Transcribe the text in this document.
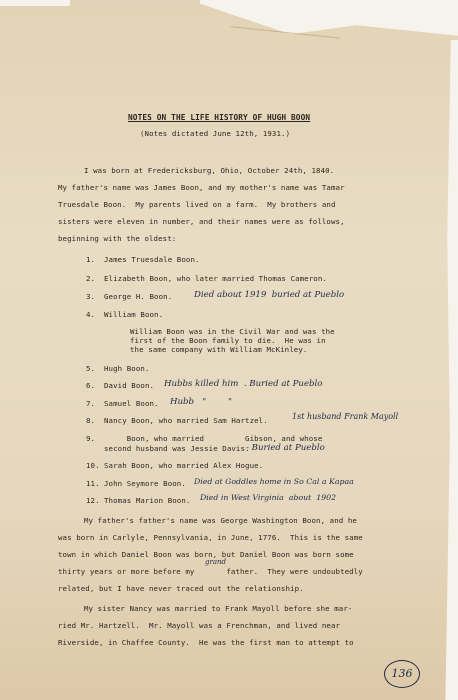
NOTES ON THE LIFE HISTORY OF HUGH BOON
(Notes dictated June 12th, 1931.)
I was born at Fredericksburg, Ohio, October 24th, 1840.
My father's name was James Boon, and my mother's name was Tamar
Truesdale Boon.  My parents lived on a farm.  My brothers and
sisters were eleven in number, and their names were as follows,
beginning with the oldest:
1. James Truesdale Boon.
2. Elizabeth Boon, who later married Thomas Cameron.
3. George H. Boon.	Died about 1919  buried at Pueblo
4. William Boon.
William Boon was in the Civil War and was the
first of the Boon family to die.  He was in
the same company with William McKinley.
5. Hugh Boon.
6. David Boon. Hubbs killed him  . Buried at Pueblo
7. Samuel Boon. Hubb   "        "
8. Nancy Boon, who married Sam Hartzel.	1st husband Frank Mayoll
9. Boon, who married         Gibson, and whose
second husband was Jessie Davis.
- Buried at Pueblo
10. Sarah Boon, who married Alex Hogue.
11. John Seymore Boon. Died at Goddles home in So Cal a Kapaa
12. Thomas Marion Boon. Died in West Virginia  about  1902
My father's father's name was George Washington Boon, and he
was born in Carlyle, Pennsylvania, in June, 1776.  This is the same
town in which Daniel Boon was born, but Daniel Boon was born some
thirty years or more before my       father.  They were undoubtedly
grand
related, but I have never traced out the relationship.
My sister Nancy was married to Frank Mayoll before she mar-
ried Mr. Hartzell.  Mr. Mayoll was a Frenchman, and lived near
Riverside, in Chaffee County.  He was the first man to attempt to
136
